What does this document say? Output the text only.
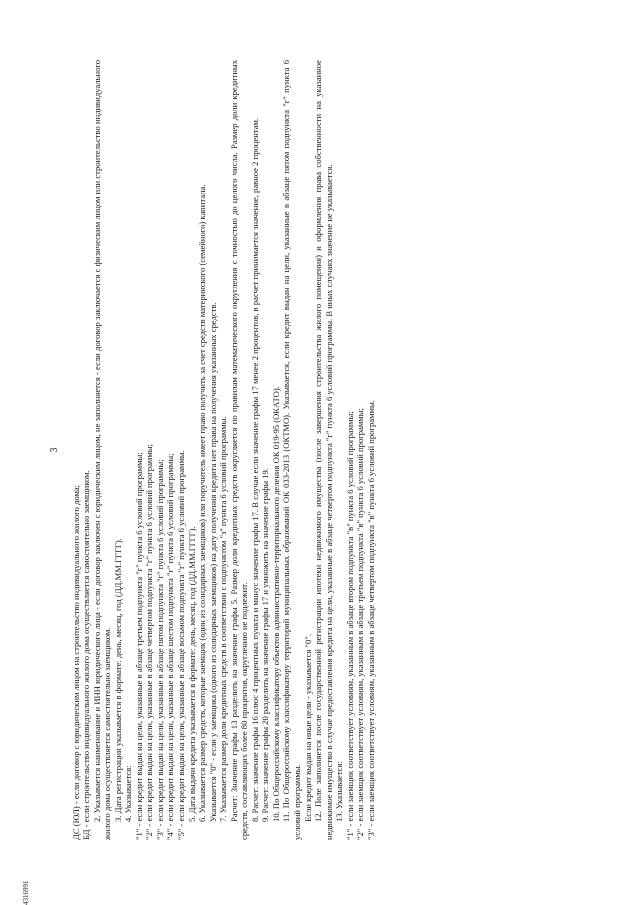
3

ДС (ЮЛ) - если договор с юридическим лицом на строительство индивидуального жилого дома; БД - если строительство индивидуального жилого дома осуществляется самостоятельно заемщиком. 2. Указывается наименование и ИНН юридического лица - если договор заключен с юридическим лицом, не заполняется - если договор заключается с физическим лицом или строительство индивидуального жилого дома осуществляется самостоятельно заемщиком. 3. Дата регистрации указывается в формате: день, месяц, год (ДД.ММ.ГГГГ). 4. Указывается: "1" - если кредит выдан на цели, указанные в абзаце третьем подпункта "г" пункта 6 условий программы; "2" - если кредит выдан на цели, указанные в абзаце четвертом подпункта "г" пункта 6 условий программы; "3" - если кредит выдан на цели, указанные в абзаце пятом подпункта "г" пункта 6 условий программы; "4" - если кредит выдан на цели, указанные в абзаце шестом подпункта "г" пункта 6 условий программы; "5" - если кредит выдан на цели, указанные в абзаце восьмом подпункта "г" пункта 6 условий программы. 5. Дата выдачи кредита указывается в формате: день, месяц, год (ДД.ММ.ГГГГ). 6. Указывается размер средств, которые заемщик (один из солидарных заемщиков) или поручитель имеет право получить за счет средств материнского (семейного) капитала. Указывается "0" - если у заемщика (одного из солидарных заемщиков) на дату получения кредита нет права на получения указанных средств. 7. Указывается размер доли кредитных средств в соответствии с подпунктом "з" пункта 6 условий программы. Расчет: Значение графы 13 разделить на значение графы 5. Размер доли кредитных средств округляется по правилам математического округления с точностью до целого числа. Размер доли кредитных средств, составляющих более 80 процентов, округлению не подлежит. 8. Расчет: значение графы 16 плюс 4 процентных пункта и минус значение графы 17. В случае если значение графы 17 менее 2 процентов, в расчет принимается значение, равное 2 процентам. 9. Расчет: значение графы 20 разделить на значение графы 17 и умножить на значение графы 19. 10. По Общероссийскому классификатору объектов административно-территориального деления ОК 019-95 (ОКАТО). 11. По Общероссийскому классификатору территорий муниципальных образований ОК 033-2013 (ОКТМО). Указывается, если кредит выдан на цели, указанные в абзаце пятом подпункта "г" пункта 6 условий программы. Если кредит выдан на иные цели - указывается "0". 12. Поле заполняется после государственной регистрации ипотеки недвижимого имущества (после завершения строительства жилого помещения) и оформления права собственности на указанное недвижимое имущество в случае предоставления кредита на цели, указанные в абзаце четвертом подпункта "г" пункта 6 условий программы. В иных случаях значение не указывается. 13. Указывается: "1" - если заемщик соответствует условиям, указанным в абзаце втором подпункта "в" пункта 6 условий программы; "2" - если заемщик соответствует условиям, указанным в абзаце третьем подпункта "в" пункта 6 условий программы; "3" - если заемщик соответствует условиям, указанным в абзаце четвертом подпункта "в" пункта 6 условий программы.

4316991
